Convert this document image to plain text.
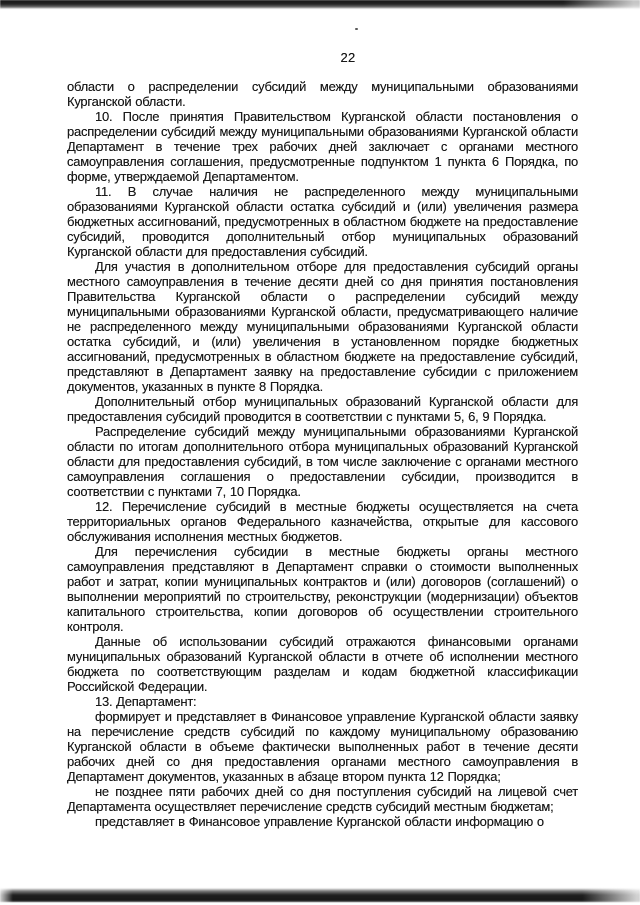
22

области о распределении субсидий между муниципальными образованиями Курганской области.

10. После принятия Правительством Курганской области постановления о распределении субсидий между муниципальными образованиями Курганской области Департамент в течение трех рабочих дней заключает с органами местного самоуправления соглашения, предусмотренные подпунктом 1 пункта 6 Порядка, по форме, утверждаемой Департаментом.

11. В случае наличия не распределенного между муниципальными образованиями Курганской области остатка субсидий и (или) увеличения размера бюджетных ассигнований, предусмотренных в областном бюджете на предоставление субсидий, проводится дополнительный отбор муниципальных образований Курганской области для предоставления субсидий.

Для участия в дополнительном отборе для предоставления субсидий органы местного самоуправления в течение десяти дней со дня принятия постановления Правительства Курганской области о распределении субсидий между муниципальными образованиями Курганской области, предусматривающего наличие не распределенного между муниципальными образованиями Курганской области остатка субсидий, и (или) увеличения в установленном порядке бюджетных ассигнований, предусмотренных в областном бюджете на предоставление субсидий, представляют в Департамент заявку на предоставление субсидии с приложением документов, указанных в пункте 8 Порядка.

Дополнительный отбор муниципальных образований Курганской области для предоставления субсидий проводится в соответствии с пунктами 5, 6, 9 Порядка.

Распределение субсидий между муниципальными образованиями Курганской области по итогам дополнительного отбора муниципальных образований Курганской области для предоставления субсидий, в том числе заключение с органами местного самоуправления соглашения о предоставлении субсидии, производится в соответствии с пунктами 7, 10 Порядка.

12. Перечисление субсидий в местные бюджеты осуществляется на счета территориальных органов Федерального казначейства, открытые для кассового обслуживания исполнения местных бюджетов.

Для перечисления субсидии в местные бюджеты органы местного самоуправления представляют в Департамент справки о стоимости выполненных работ и затрат, копии муниципальных контрактов и (или) договоров (соглашений) о выполнении мероприятий по строительству, реконструкции (модернизации) объектов капитального строительства, копии договоров об осуществлении строительного контроля.

Данные об использовании субсидий отражаются финансовыми органами муниципальных образований Курганской области в отчете об исполнении местного бюджета по соответствующим разделам и кодам бюджетной классификации Российской Федерации.

13. Департамент:

формирует и представляет в Финансовое управление Курганской области заявку на перечисление средств субсидий по каждому муниципальному образованию Курганской области в объеме фактически выполненных работ в течение десяти рабочих дней со дня предоставления органами местного самоуправления в Департамент документов, указанных в абзаце втором пункта 12 Порядка;

не позднее пяти рабочих дней со дня поступления субсидий на лицевой счет Департамента осуществляет перечисление средств субсидий местным бюджетам;

представляет в Финансовое управление Курганской области информацию о
